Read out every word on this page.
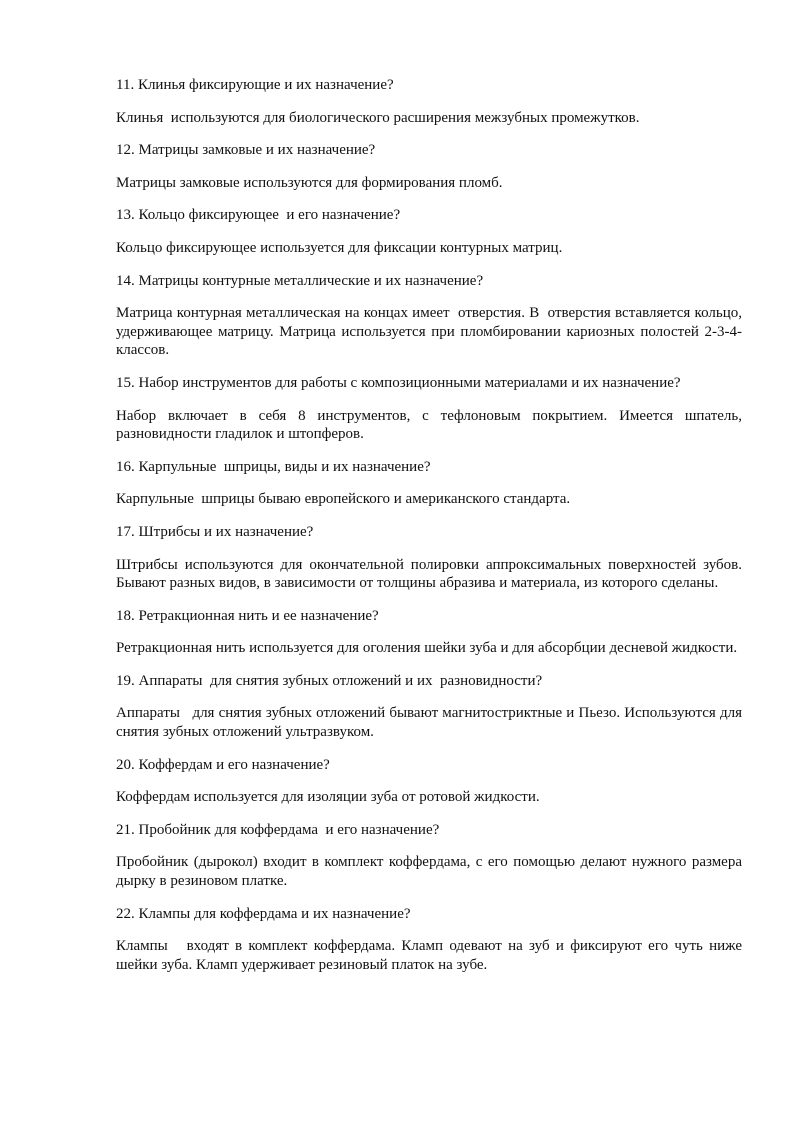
11. Клинья фиксирующие и их назначение?

Клинья  используются для биологического расширения межзубных промежутков.

12. Матрицы замковые и их назначение?

Матрицы замковые используются для формирования пломб.

13. Кольцо фиксирующее  и его назначение?

Кольцо фиксирующее используется для фиксации контурных матриц.

14. Матрицы контурные металлические и их назначение?

Матрица контурная металлическая на концах имеет  отверстия. В  отверстия вставляется кольцо, удерживающее матрицу. Матрица используется при пломбировании кариозных полостей 2-3-4- классов.

15. Набор инструментов для работы с композиционными материалами и их назначение?

Набор включает в себя 8 инструментов, с тефлоновым покрытием. Имеется шпатель, разновидности гладилок и штопферов.

16. Карпульные  шприцы, виды и их назначение?

Карпульные  шприцы бываю европейского и американского стандарта.

17. Штрибсы и их назначение?

Штрибсы используются для окончательной полировки аппроксимальных поверхностей зубов. Бывают разных видов, в зависимости от толщины абразива и материала, из которого сделаны.

18. Ретракционная нить и ее назначение?

Ретракционная нить используется для оголения шейки зуба и для абсорбции десневой жидкости.

19. Аппараты  для снятия зубных отложений и их  разновидности?

Аппараты   для снятия зубных отложений бывают магнитостриктные и Пьезо. Используются для снятия зубных отложений ультразвуком.

20. Коффердам и его назначение?

Коффердам используется для изоляции зуба от ротовой жидкости.

21. Пробойник для коффердама  и его назначение?

Пробойник (дырокол) входит в комплект коффердама, с его помощью делают нужного размера дырку в резиновом платке.

22. Клампы для коффердама и их назначение?

Клампы   входят в комплект коффердама. Кламп одевают на зуб и фиксируют его чуть ниже шейки зуба. Кламп удерживает резиновый платок на зубе.
